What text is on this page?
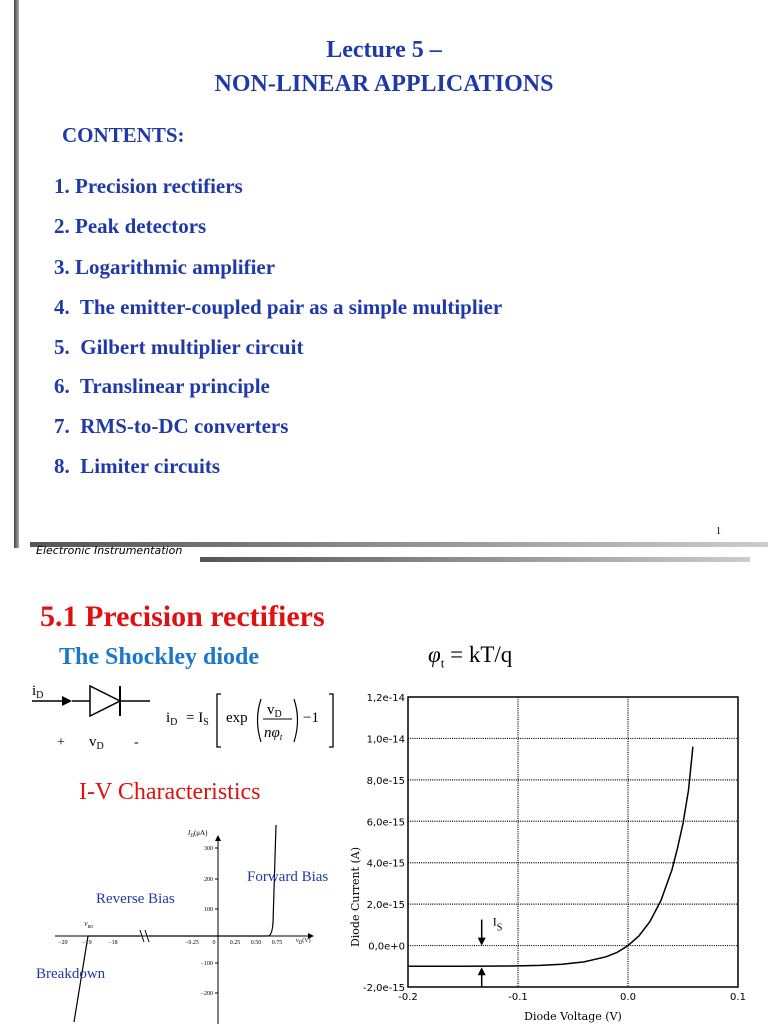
Lecture 5 –
NON-LINEAR APPLICATIONS
CONTENTS:
1. Precision rectifiers
2. Peak detectors
3. Logarithmic amplifier
4. The emitter-coupled pair as a simple multiplier
5. Gilbert multiplier circuit
6. Translinear principle
7. RMS-to-DC converters
8. Limiter circuits
1
Electronic Instrumentation
5.1 Precision rectifiers
The Shockley diode	$\varphi_t = kT/q$
$i_D$
+ $v_D$ -
$i_D = I_S$ $\exp v_D$
$n\varphi_t$
−1
I-V Characteristics
$I_D(\mu A)$
300
200
100
−100
−200
−20 −19	−18	−0.25 0 0.25 0.50 0.75 $v_D(V)$
$V_{BD}$
Forward Bias
Reverse Bias
Breakdown
Diode Current (A)
Diode Voltage (V)
1,2e-14
1,0e-14
8,0e-15
6,0e-15
4,0e-15
2,0e-15
0,0e+0
-2,0e-15
-0.2	-0.1	0.0	0.1
$I_S$
